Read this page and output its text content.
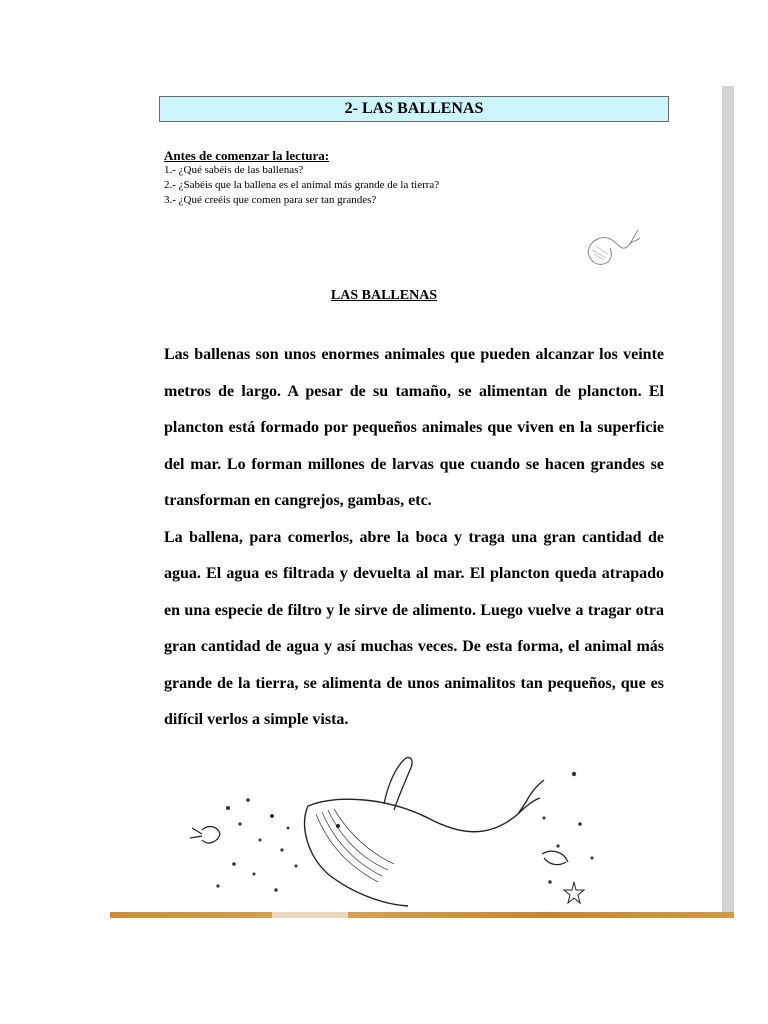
2- LAS BALLENAS
Antes de comenzar la lectura:
1.- ¿Qué sabéis de las ballenas?
2.- ¿Sabéis que la ballena es el animal más grande de la tierra?
3.- ¿Qué creéis que comen para ser tan grandes?
LAS BALLENAS

Las ballenas son unos enormes animales que pueden alcanzar los veinte metros de largo. A pesar de su tamaño, se alimentan de plancton. El plancton está formado por pequeños animales que viven en la superficie del mar. Lo forman millones de larvas que cuando se hacen grandes se transforman en cangrejos, gambas, etc.

La ballena, para comerlos, abre la boca y traga una gran cantidad de agua. El agua es filtrada y devuelta al mar. El plancton queda atrapado en una especie de filtro y le sirve de alimento. Luego vuelve a tragar otra gran cantidad de agua y así muchas veces. De esta forma, el animal más grande de la tierra, se alimenta de unos animalitos tan pequeños, que es difícil verlos a simple vista.
